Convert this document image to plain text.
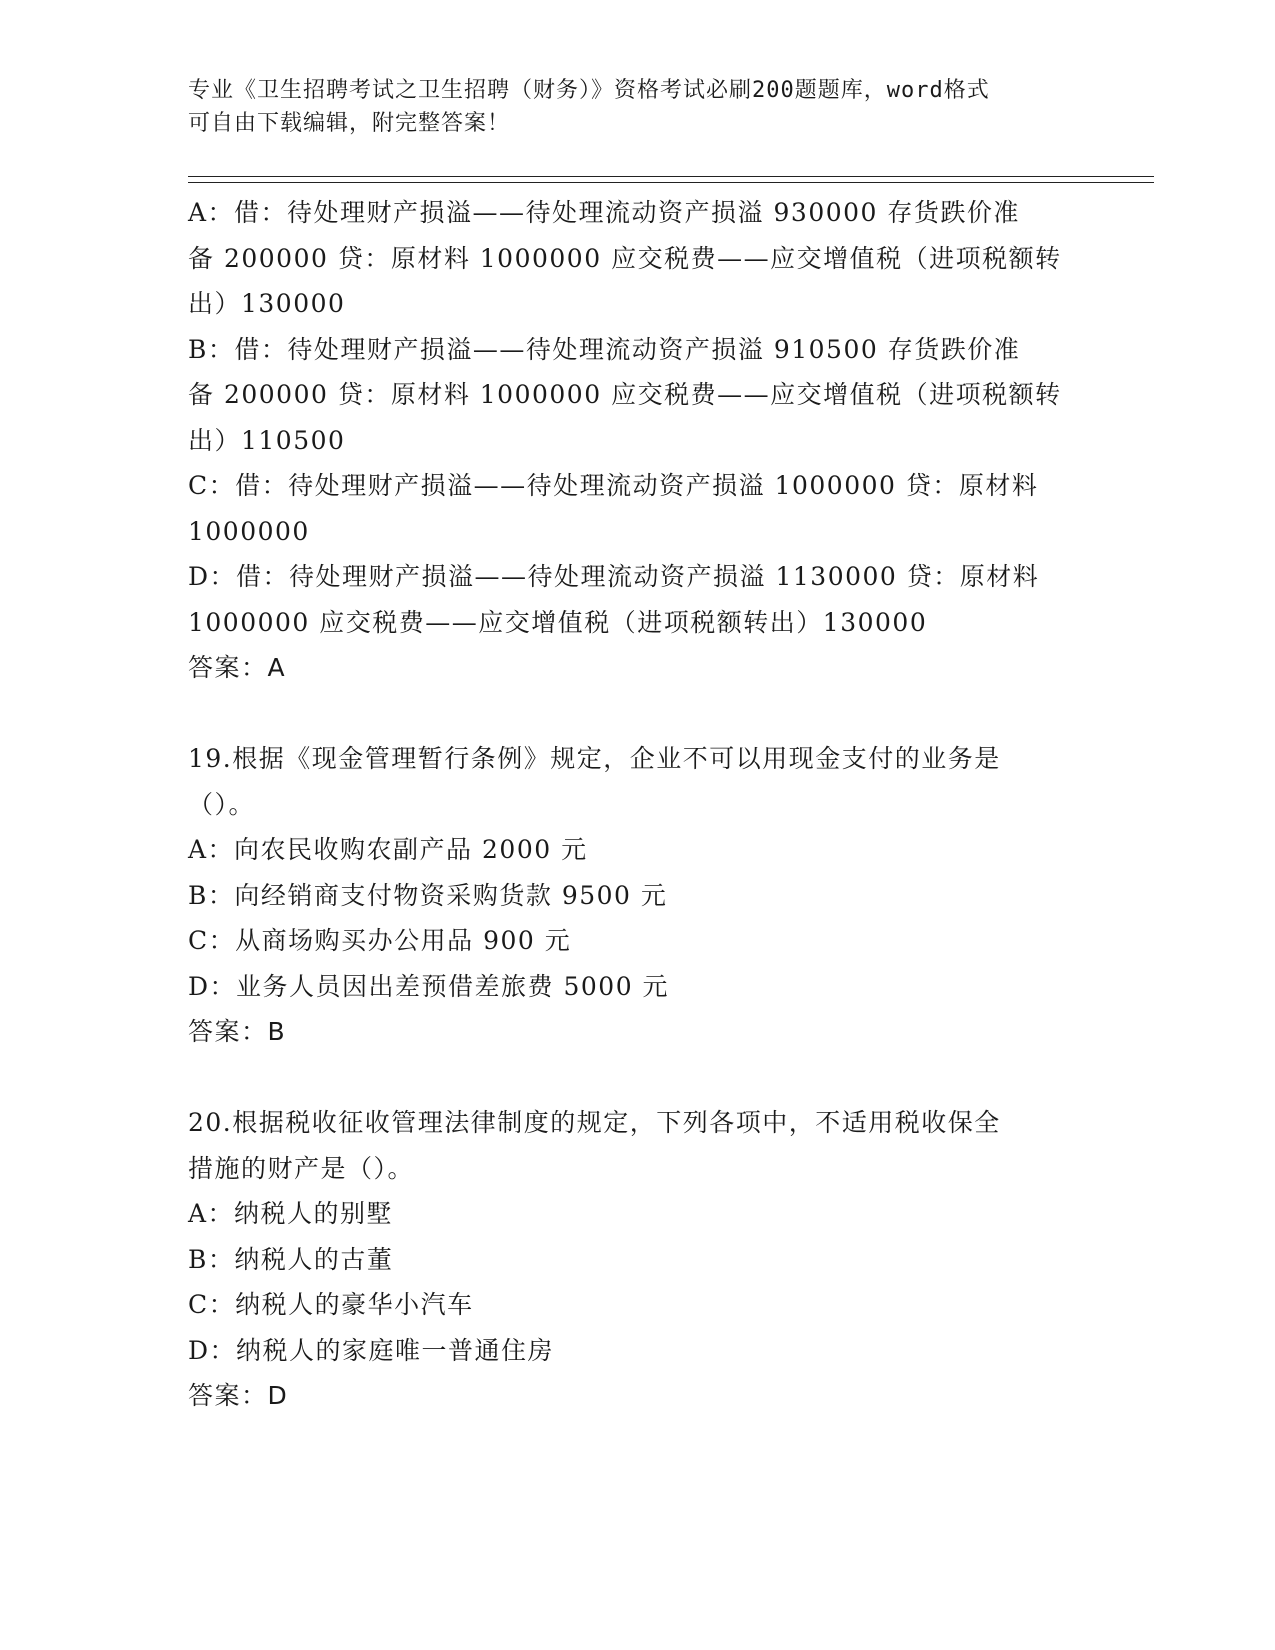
专业《卫生招聘考试之卫生招聘（财务）》资格考试必刷200题题库，word格式
可自由下载编辑，附完整答案！
A：借：待处理财产损溢——待处理流动资产损溢 930000 存货跌价准
备 200000 贷：原材料 1000000 应交税费——应交增值税（进项税额转
出）130000
B：借：待处理财产损溢——待处理流动资产损溢 910500 存货跌价准
备 200000 贷：原材料 1000000 应交税费——应交增值税（进项税额转
出）110500
C：借：待处理财产损溢——待处理流动资产损溢 1000000 贷：原材料
1000000
D：借：待处理财产损溢——待处理流动资产损溢 1130000 贷：原材料
1000000 应交税费——应交增值税（进项税额转出）130000
答案：A
19.根据《现金管理暂行条例》规定，企业不可以用现金支付的业务是
（）。
A：向农民收购农副产品 2000 元
B：向经销商支付物资采购货款 9500 元
C：从商场购买办公用品 900 元
D：业务人员因出差预借差旅费 5000 元
答案：B
20.根据税收征收管理法律制度的规定，下列各项中，不适用税收保全
措施的财产是（）。
A：纳税人的别墅
B：纳税人的古董
C：纳税人的豪华小汽车
D：纳税人的家庭唯一普通住房
答案：D
